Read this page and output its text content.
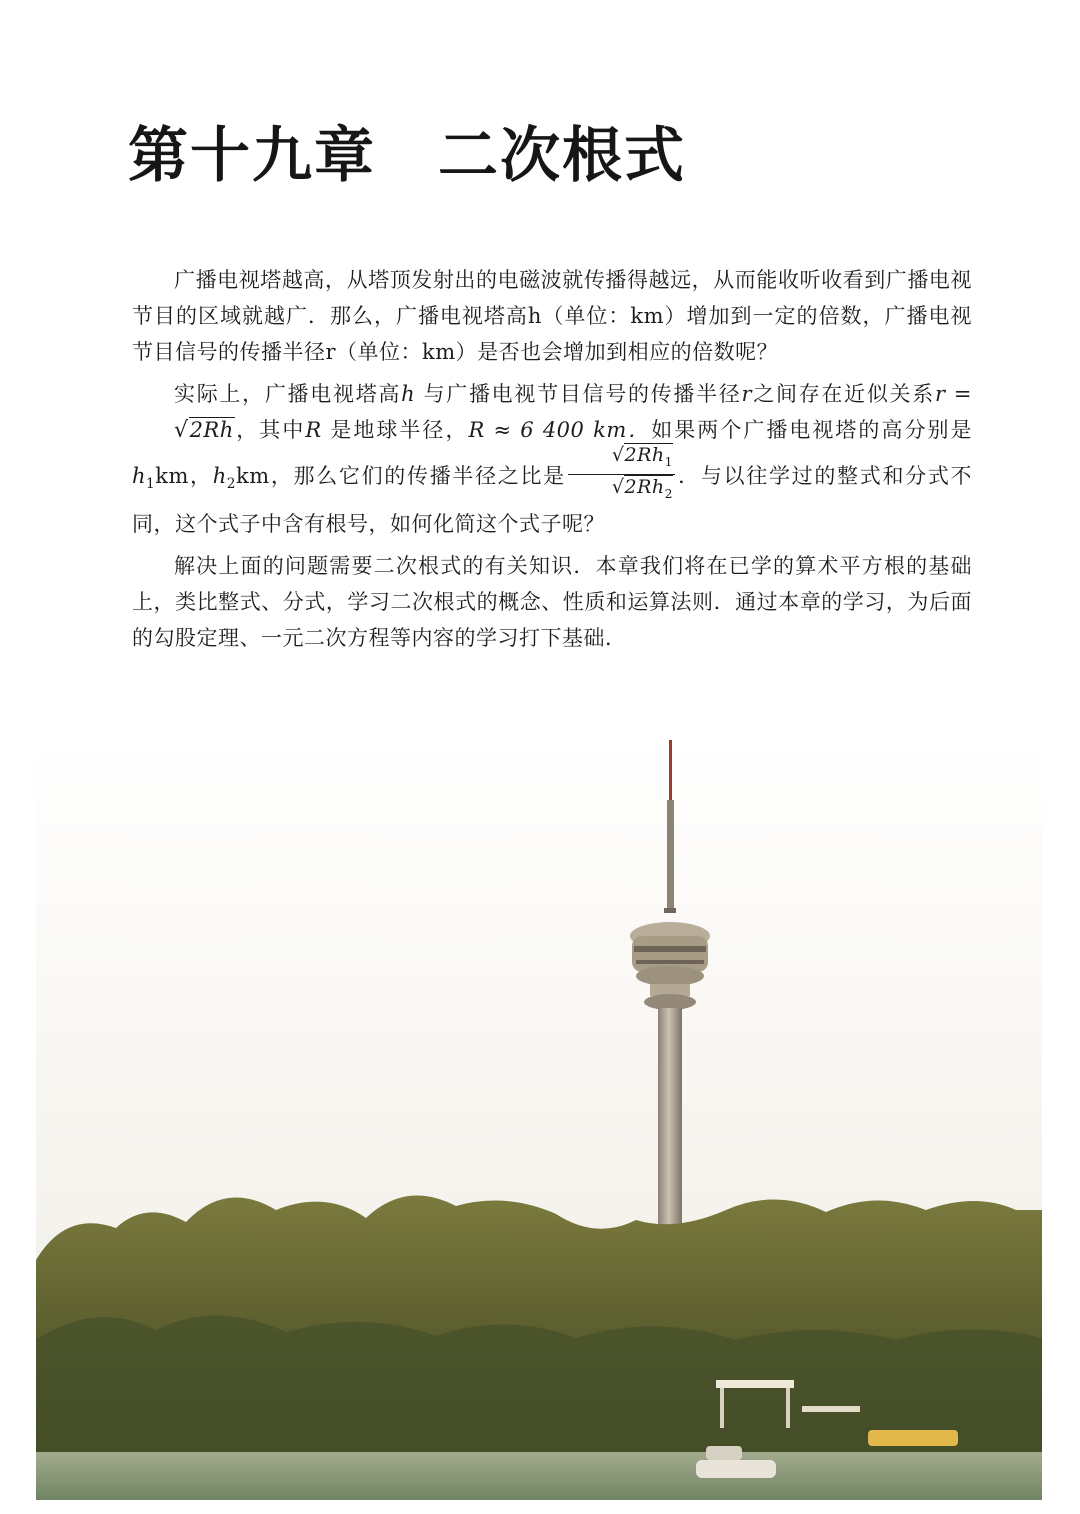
第十九章　二次根式

广播电视塔越高，从塔顶发射出的电磁波就传播得越远，从而能收听收看到广播电视节目的区域就越广．那么，广播电视塔高h（单位：km）增加到一定的倍数，广播电视节目信号的传播半径r（单位：km）是否也会增加到相应的倍数呢？

实际上，广播电视塔高h 与广播电视节目信号的传播半径r之间存在近似关系r = √2Rh，其中R 是地球半径，R ≈ 6 400 km．如果两个广播电视塔的高分别是$h_1km$，$h_2km$，那么它们的传播半径之比是 $\frac{√2Rh_1}{√2Rh_2}$ ．与以往学过的整式和分式不同，这个式子中含有根号，如何化简这个式子呢？

解决上面的问题需要二次根式的有关知识．本章我们将在已学的算术平方根的基础上，类比整式、分式，学习二次根式的概念、性质和运算法则．通过本章的学习，为后面的勾股定理、一元二次方程等内容的学习打下基础．
